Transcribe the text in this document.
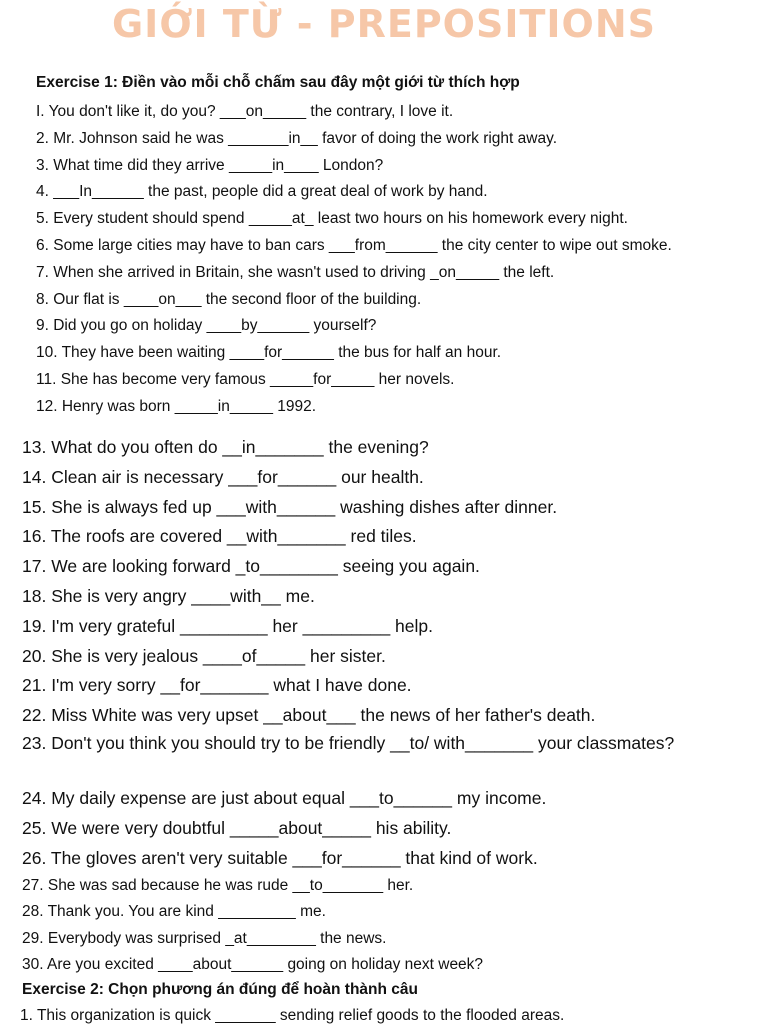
GIỚI TỪ - PREPOSITIONS
Exercise 1: Điền vào mỗi chỗ chấm sau đây một giới từ thích hợp
I. You don't like it, do you? ___on_____ the contrary, I love it.
2. Mr. Johnson said he was _______in__ favor of doing the work right away.
3. What time did they arrive _____in____ London?
4. ___In______ the past, people did a great deal of work by hand.
5. Every student should spend _____at_ least two hours on his homework every night.
6. Some large cities may have to ban cars ___from______ the city center to wipe out smoke.
7. When she arrived in Britain, she wasn't used to driving _on_____ the left.
8. Our flat is ____on___ the second floor of the building.
9. Did you go on holiday ____by______ yourself?
10. They have been waiting ____for______ the bus for half an hour.
11. She has become very famous _____for_____ her novels.
12. Henry was born _____in_____ 1992.
13. What do you often do __in_______ the evening?
14. Clean air is necessary ___for______ our health.
15. She is always fed up ___with______ washing dishes after dinner.
16. The roofs are covered __with_______ red tiles.
17. We are looking forward _to________ seeing you again.
18. She is very angry ____with__ me.
19. I'm very grateful _________ her _________ help.
20. She is very jealous ____of_____ her sister.
21. I'm very sorry __for_______ what I have done.
22. Miss White was very upset __about___ the news of her father's death.
23. Don't you think you should try to be friendly __to/ with_______ your classmates?
24. My daily expense are just about equal ___to______ my income.
25. We were very doubtful _____about_____ his ability.
26. The gloves aren't very suitable ___for______ that kind of work.
27. She was sad because he was rude __to_______ her.
28. Thank you. You are kind _________ me.
29. Everybody was surprised _at________ the news.
30. Are you excited ____about______ going on holiday next week?
Exercise 2: Chọn phương án đúng để hoàn thành câu
1. This organization is quick _______ sending relief goods to the flooded areas.
